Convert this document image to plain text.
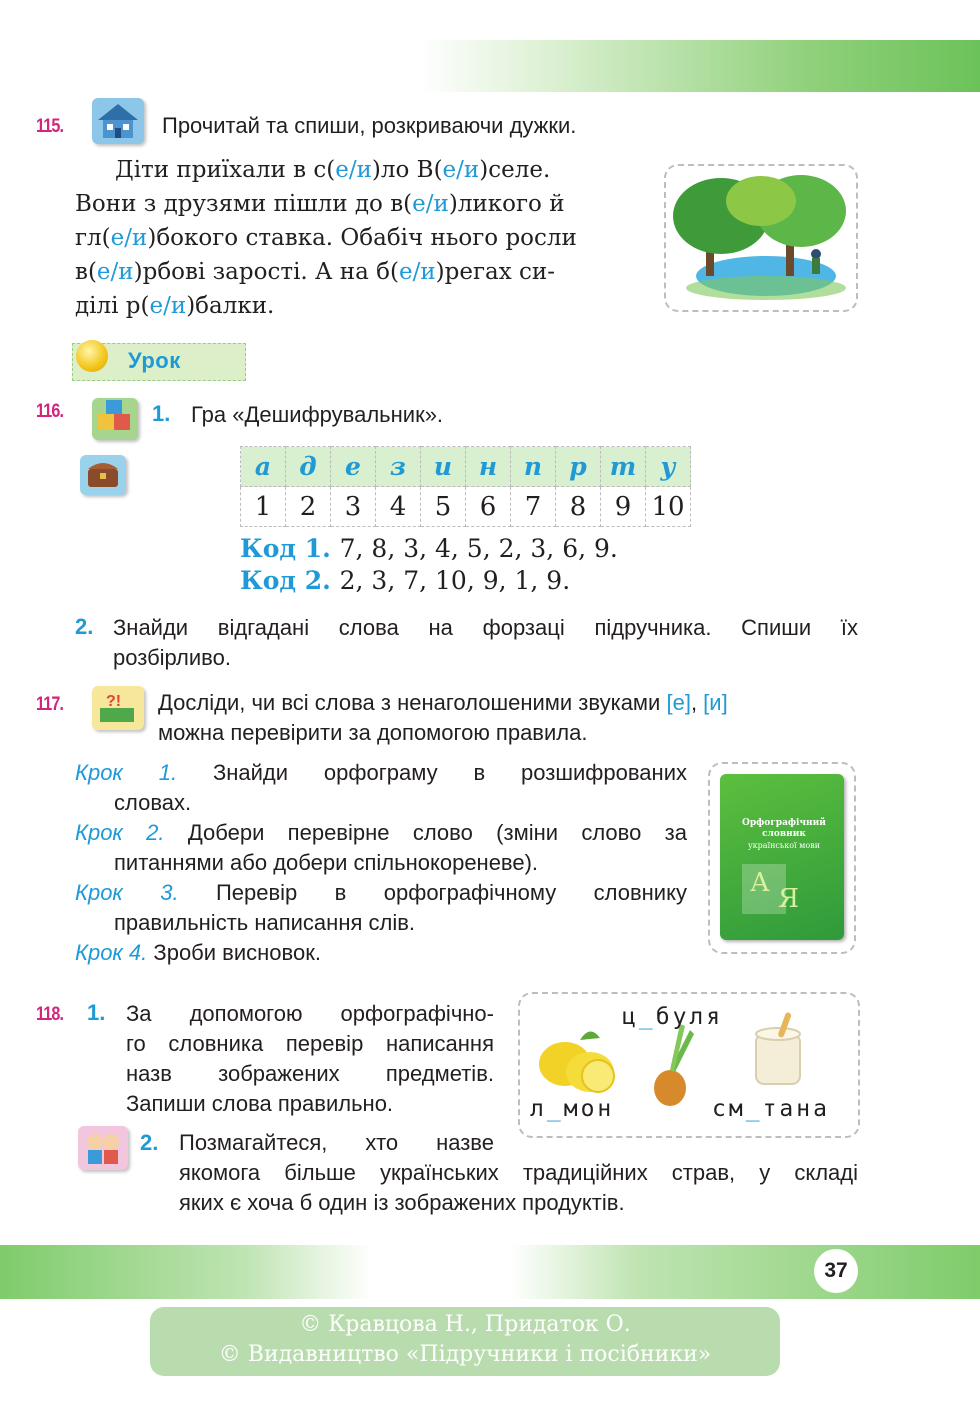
115.	Прочитай та спиши, розкриваючи дужки.
Діти приїхали в с(е/и)ло В(е/и)селе.
Вони з друзями пішли до в(е/и)ликого й
гл(е/и)бокого ставка. Обабіч нього росли
в(е/и)рбові зарості. А на б(е/и)регах си-
ділі р(е/и)балки.
Урок
116.	1. Гра «Дешифрувальник».
а	д	е	з	и	н	п	р	т	у
1	2	3	4	5	6	7	8	9	10
Код 1. 7, 8, 3, 4, 5, 2, 3, 6, 9.
Код 2. 2, 3, 7, 10, 9, 1, 9.
2. Знайди відгадані слова на форзаці підручника. Спиши їх
розбірливо.
117.	?! Досліди, чи всі слова з ненаголошеними звуками [е], [и]
можна перевірити за допомогою правила.
Крок 1. Знайди орфограму в розшифрованих
словах.
Крок 2. Добери перевірне слово (зміни слово за
питаннями або добери спільнокореневе).
Крок 3. Перевір в орфографічному словнику
правильність написання слів.
Крок 4. Зроби висновок.
Орфографічний
словник
української мови
А
Я
118. 1. За допомогою орфографічно-
го словника перевір написання
назв зображених предметів.
Запиши слова правильно.
ц_буля
л_мон	см_тана
2. Позмагайтеся, хто назве
якомога більше українських традиційних страв, у складі
яких є хоча б один із зображених продуктів.
37
© Кравцова Н., Придаток О.
© Видавництво «Підручники і посібники»
